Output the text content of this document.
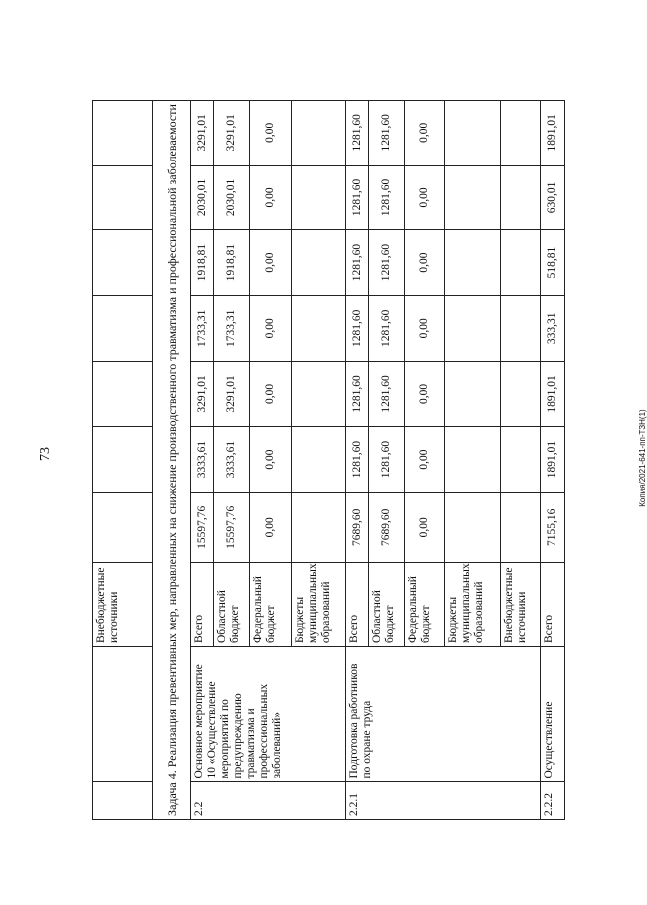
73	Копия/2021-641-пп-ТЗН(1)
		Внебюджетные источники							
Задача 4. Реализация превентивных мер, направленных на снижение производственного травматизма и профессиональной заболеваемости									
2.2	Основное мероприятие 10 «Осуществление мероприятий по предупреждению травматизма и профессиональных заболеваний»	Всего	15597,76	3333,61	3291,01	1733,31	1918,81	2030,01	3291,01
		Областной бюджет	15597,76	3333,61	3291,01	1733,31	1918,81	2030,01	3291,01
		Федеральный бюджет	0,00	0,00	0,00	0,00	0,00	0,00	0,00
		Бюджеты муниципальных образований							
2.2.1	Подготовка работников по охране труда	Всего	7689,60	1281,60	1281,60	1281,60	1281,60	1281,60	1281,60
		Областной бюджет	7689,60	1281,60	1281,60	1281,60	1281,60	1281,60	1281,60
		Федеральный бюджет	0,00	0,00	0,00	0,00	0,00	0,00	0,00
		Бюджеты муниципальных образований							
		Внебюджетные источники							
2.2.2	Осуществление	Всего	7155,16	1891,01	1891,01	333,31	518,81	630,01	1891,01
